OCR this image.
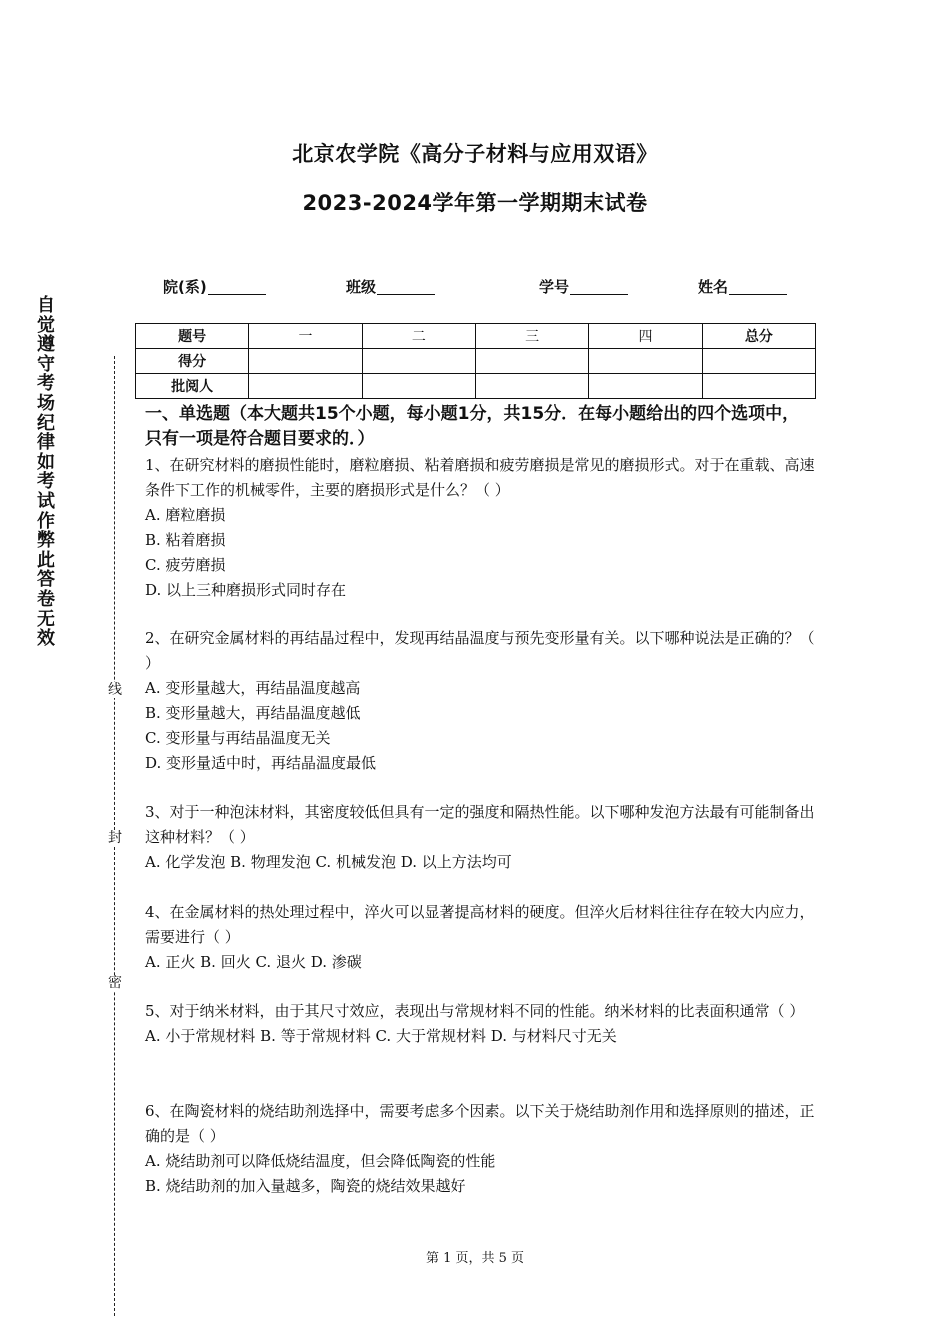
北京农学院《高分子材料与应用双语》
2023-2024学年第一学期期末试卷
院(系)	班级	学号	姓名
题号	一	二	三	四	总分
得分					
批阅人					
自觉遵守考场纪律如考试作弊此答卷无效
线
封
密
一、单选题（本大题共15个小题，每小题1分，共15分．在每小题给出的四个选项中，只有一项是符合题目要求的．）

1、在研究材料的磨损性能时，磨粒磨损、粘着磨损和疲劳磨损是常见的磨损形式。对于在重载、高速条件下工作的机械零件，主要的磨损形式是什么？（ ）

A. 磨粒磨损

B. 粘着磨损

C. 疲劳磨损

D. 以上三种磨损形式同时存在

2、在研究金属材料的再结晶过程中，发现再结晶温度与预先变形量有关。以下哪种说法是正确的？（ ）

A. 变形量越大，再结晶温度越高

B. 变形量越大，再结晶温度越低

C. 变形量与再结晶温度无关

D. 变形量适中时，再结晶温度最低

3、对于一种泡沫材料，其密度较低但具有一定的强度和隔热性能。以下哪种发泡方法最有可能制备出这种材料？（ ）

A. 化学发泡 B. 物理发泡 C. 机械发泡 D. 以上方法均可

4、在金属材料的热处理过程中，淬火可以显著提高材料的硬度。但淬火后材料往往存在较大内应力，需要进行（ ）

A. 正火 B. 回火 C. 退火 D. 渗碳

5、对于纳米材料，由于其尺寸效应，表现出与常规材料不同的性能。纳米材料的比表面积通常（ ）

A. 小于常规材料 B. 等于常规材料 C. 大于常规材料 D. 与材料尺寸无关

6、在陶瓷材料的烧结助剂选择中，需要考虑多个因素。以下关于烧结助剂作用和选择原则的描述，正确的是（ ）

A. 烧结助剂可以降低烧结温度，但会降低陶瓷的性能

B. 烧结助剂的加入量越多，陶瓷的烧结效果越好

第 1 页，共 5 页
